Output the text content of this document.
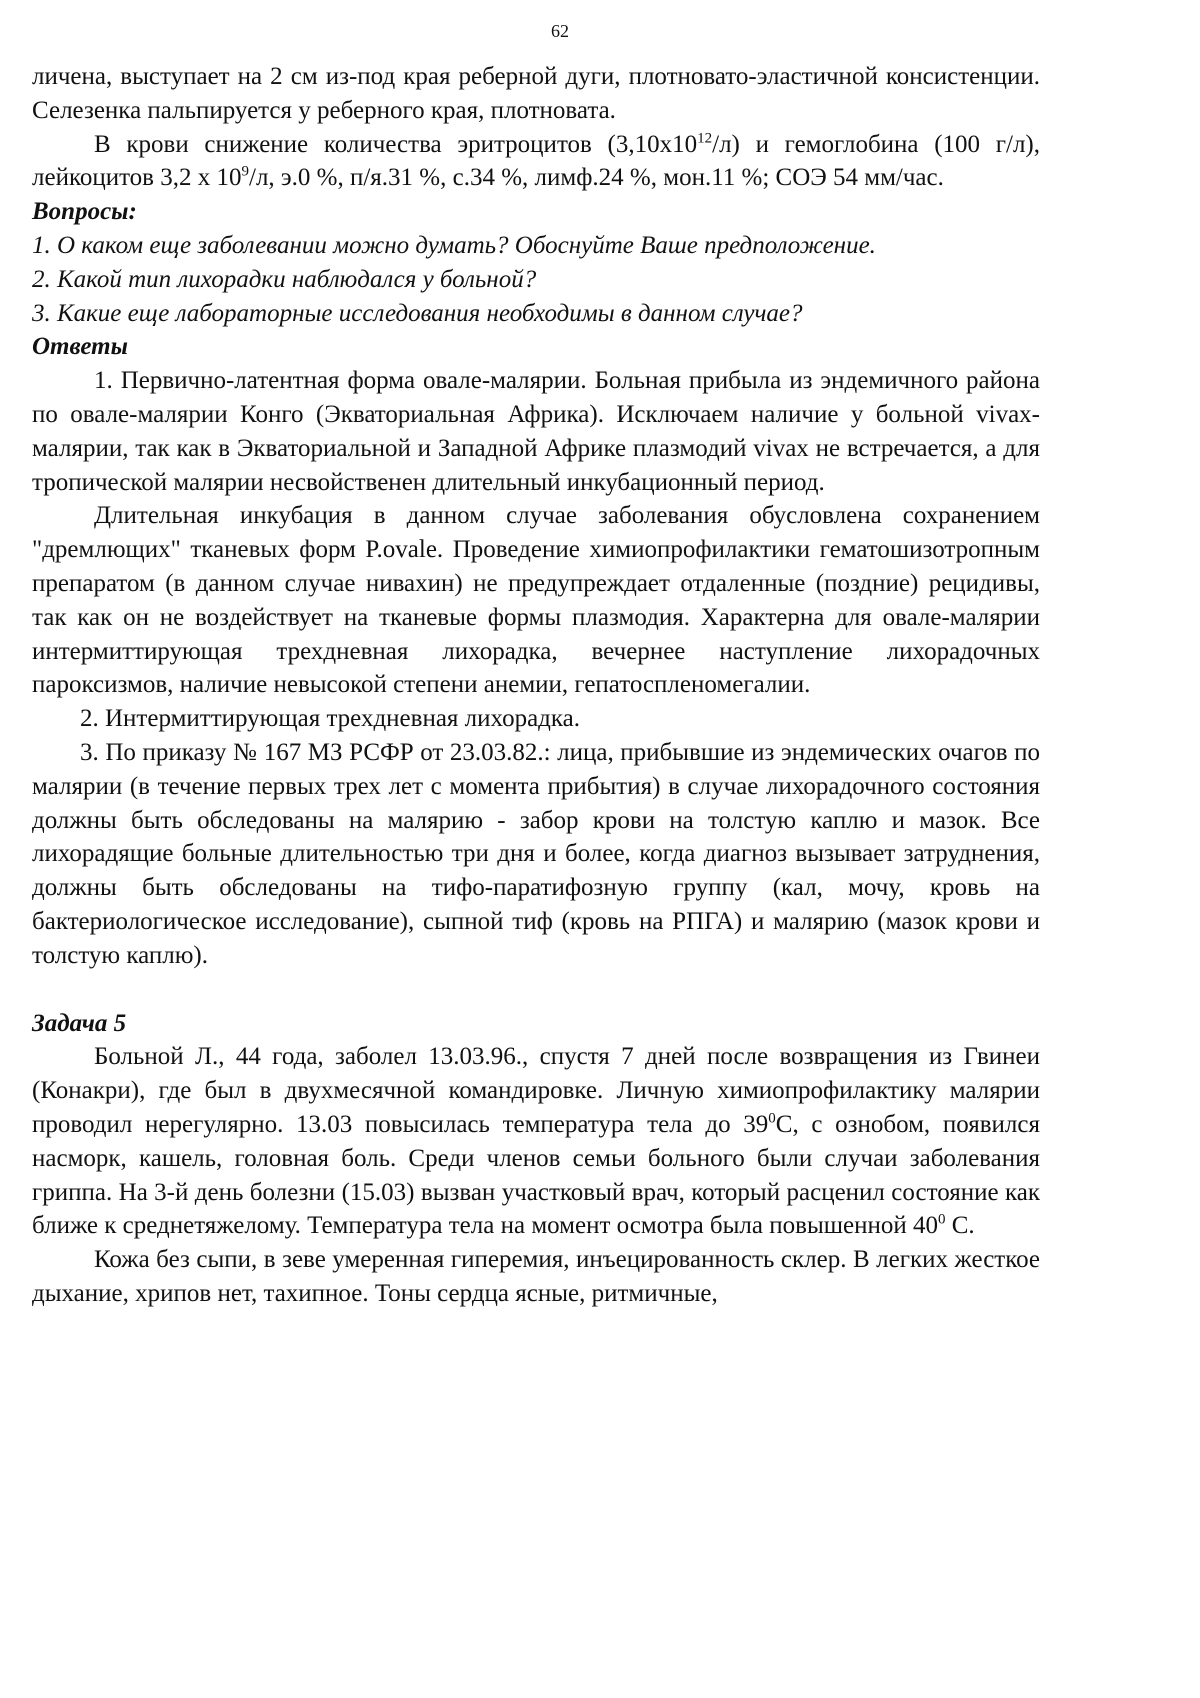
62

личена, выступает на 2 см из-под края реберной дуги, плотновато-эластичной консистенции. Селезенка пальпируется у реберного края, плотновата.

В крови снижение количества эритроцитов $(3,10х10^{12}/л)$ и гемоглобина (100 г/л), лейкоцитов 3,2 х $10^9/л$, э.0 %, п/я.31 %, с.34 %, лимф.24 %, мон.11 %; СОЭ 54 мм/час.

Вопросы:

1. О каком еще заболевании можно думать? Обоснуйте Ваше предположение.

2. Какой тип лихорадки наблюдался у больной?

3. Какие еще лабораторные исследования необходимы в данном случае?

Ответы

1. Первично-латентная форма овале-малярии. Больная прибыла из эндемичного района по овале-малярии Конго (Экваториальная Африка). Исключаем наличие у больной vivax-малярии, так как в Экваториальной и Западной Африке плазмодий vivax не встречается, а для тропической малярии несвойственен длительный инкубационный период.

Длительная инкубация в данном случае заболевания обусловлена сохранением "дремлющих" тканевых форм P.ovale. Проведение химиопрофилактики гематошизотропным препаратом (в данном случае нивахин) не предупреждает отдаленные (поздние) рецидивы, так как он не воздействует на тканевые формы плазмодия. Характерна для овале-малярии интермиттирующая трехдневная лихорадка, вечернее наступление лихорадочных пароксизмов, наличие невысокой степени анемии, гепатоспленомегалии.

2. Интермиттирующая трехдневная лихорадка.

3. По приказу № 167 МЗ РСФР от 23.03.82.: лица, прибывшие из эндемических очагов по малярии (в течение первых трех лет с момента прибытия) в случае лихорадочного состояния должны быть обследованы на малярию - забор крови на толстую каплю и мазок. Все лихорадящие больные длительностью три дня и более, когда диагноз вызывает затруднения, должны быть обследованы на тифо-паратифозную группу (кал, мочу, кровь на бактериологическое исследование), сыпной тиф (кровь на РПГА) и малярию (мазок крови и толстую каплю).

Задача 5

Больной Л., 44 года, заболел 13.03.96., спустя 7 дней после возвращения из Гвинеи (Конакри), где был в двухмесячной командировке. Личную химиопрофилактику малярии проводил нерегулярно. 13.03 повысилась температура тела до $39^0С$, с ознобом, появился насморк, кашель, головная боль. Среди членов семьи больного были случаи заболевания гриппа. На 3-й день болезни (15.03) вызван участковый врач, который расценил состояние как ближе к среднетяжелому. Температура тела на момент осмотра была повышенной $40^0$ С.

Кожа без сыпи, в зеве умеренная гиперемия, инъецированность склер. В легких жесткое дыхание, хрипов нет, тахипное. Тоны сердца ясные, ритмичные,
